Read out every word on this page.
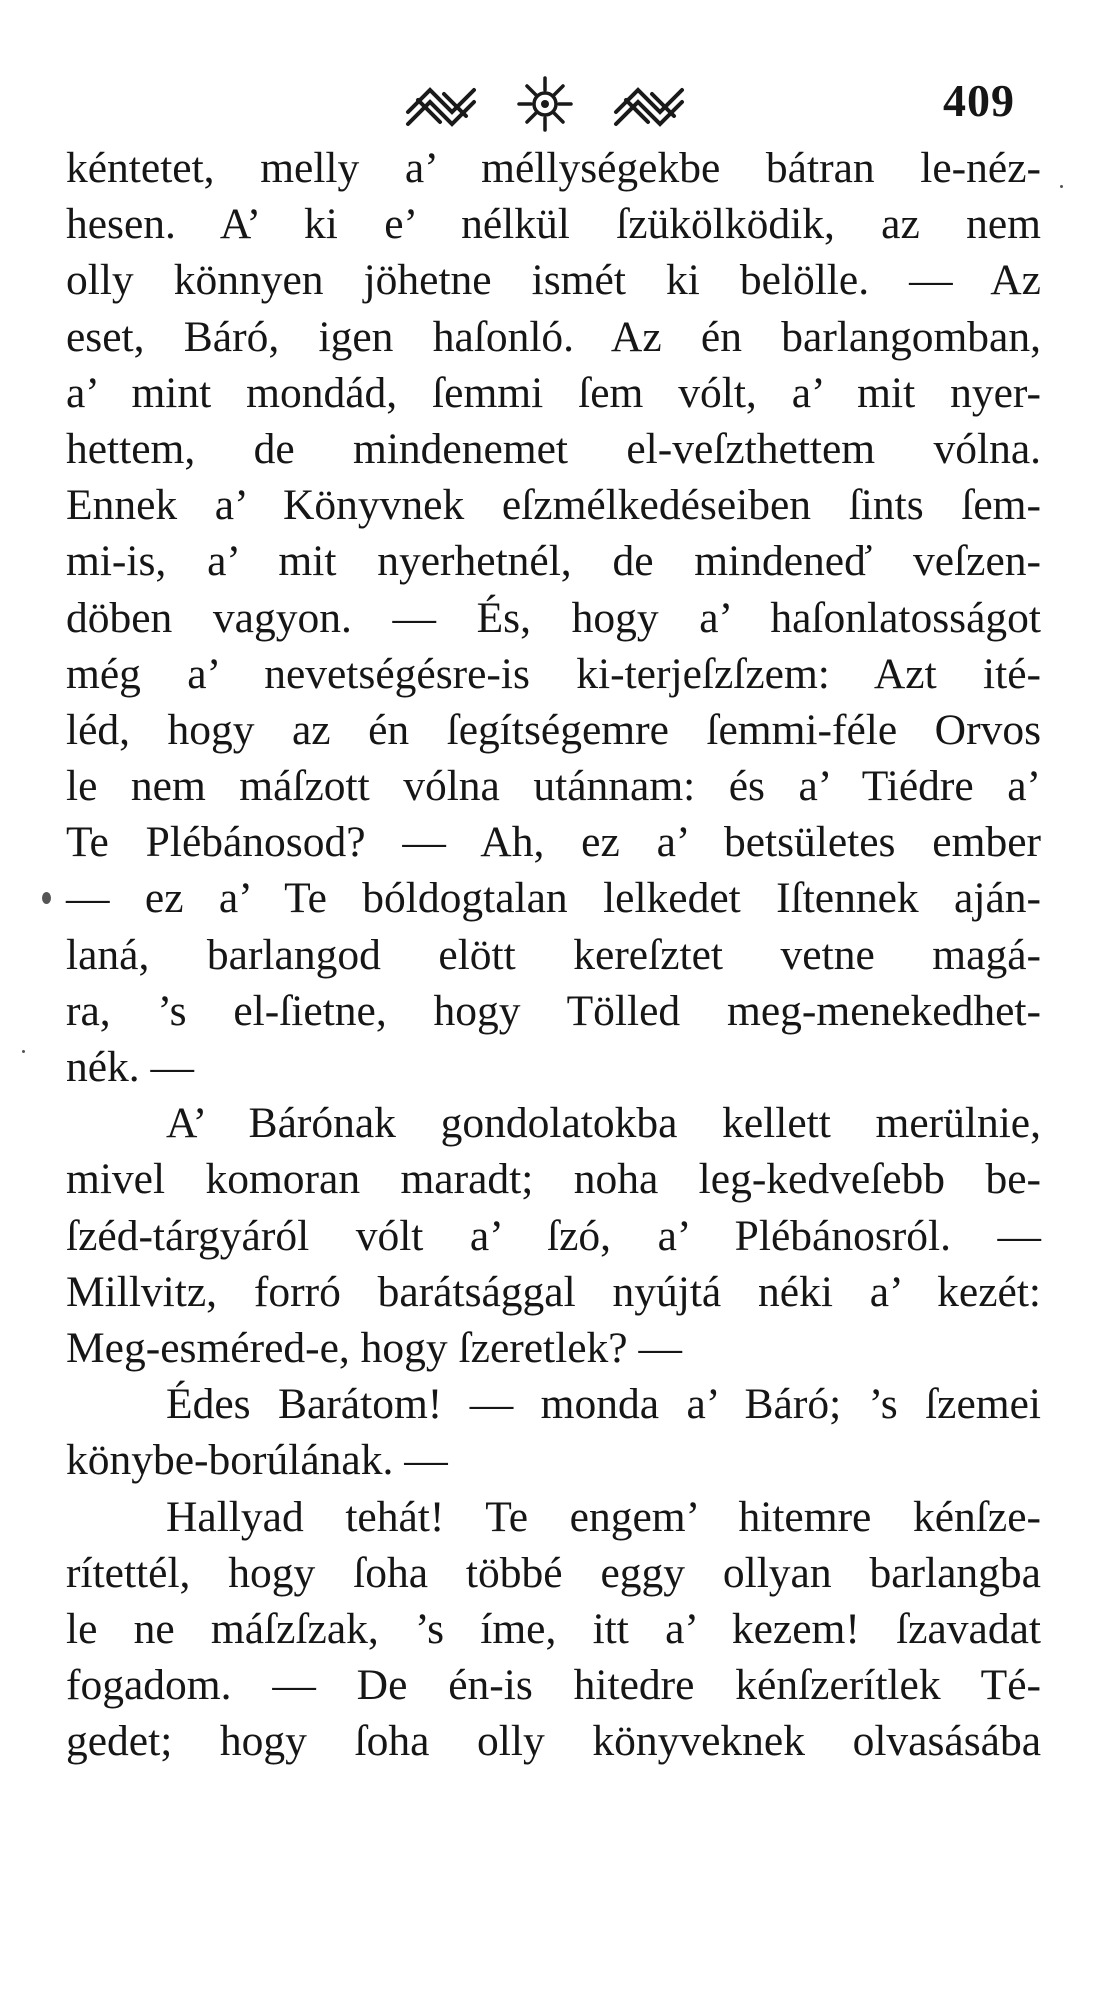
409
kéntetet, melly a’ méllységekbe bátran le-néz-
hesen. A’ ki e’ nélkül ſzükölködik, az nem
olly könnyen jöhetne ismét ki belölle. — Az
eset, Báró, igen haſonló. Az én barlangomban,
a’ mint mondád, ſemmi ſem vólt, a’ mit nyer-
hettem, de mindenemet el-veſzthettem vólna.
Ennek a’ Könyvnek eſzmélkedéseiben ſints ſem-
mi-is, a’ mit nyerhetnél, de mindeneď veſzen-
döben vagyon. — És, hogy a’ haſonlatosságot
még a’ nevetségésre-is ki-terjeſzſzem: Azt ité-
léd, hogy az én ſegítségemre ſemmi-féle Orvos
le nem máſzott vólna utánnam: és a’ Tiédre a’
Te Plébánosod? — Ah, ez a’ betsületes ember
— ez a’ Te bóldogtalan lelkedet Iſtennek aján-
laná, barlangod elött kereſztet vetne magá-
ra, ’s el-ſietne, hogy Tölled meg-menekedhet-
nék. —
A’ Bárónak gondolatokba kellett merülnie,
mivel komoran maradt; noha leg-kedveſebb be-
ſzéd-tárgyáról vólt a’ ſzó, a’ Plébánosról. —
Millvitz, forró barátsággal nyújtá néki a’ kezét:
Meg-esméred-e, hogy ſzeretlek? —
Édes Barátom! — monda a’ Báró; ’s ſzemei
könybe-borúlának. —
Hallyad tehát! Te engem’ hitemre kénſze-
rítettél, hogy ſoha többé eggy ollyan barlangba
le ne máſzſzak, ’s íme, itt a’ kezem! ſzavadat
fogadom. — De én-is hitedre kénſzerítlek Té-
gedet; hogy ſoha olly könyveknek olvasásába
